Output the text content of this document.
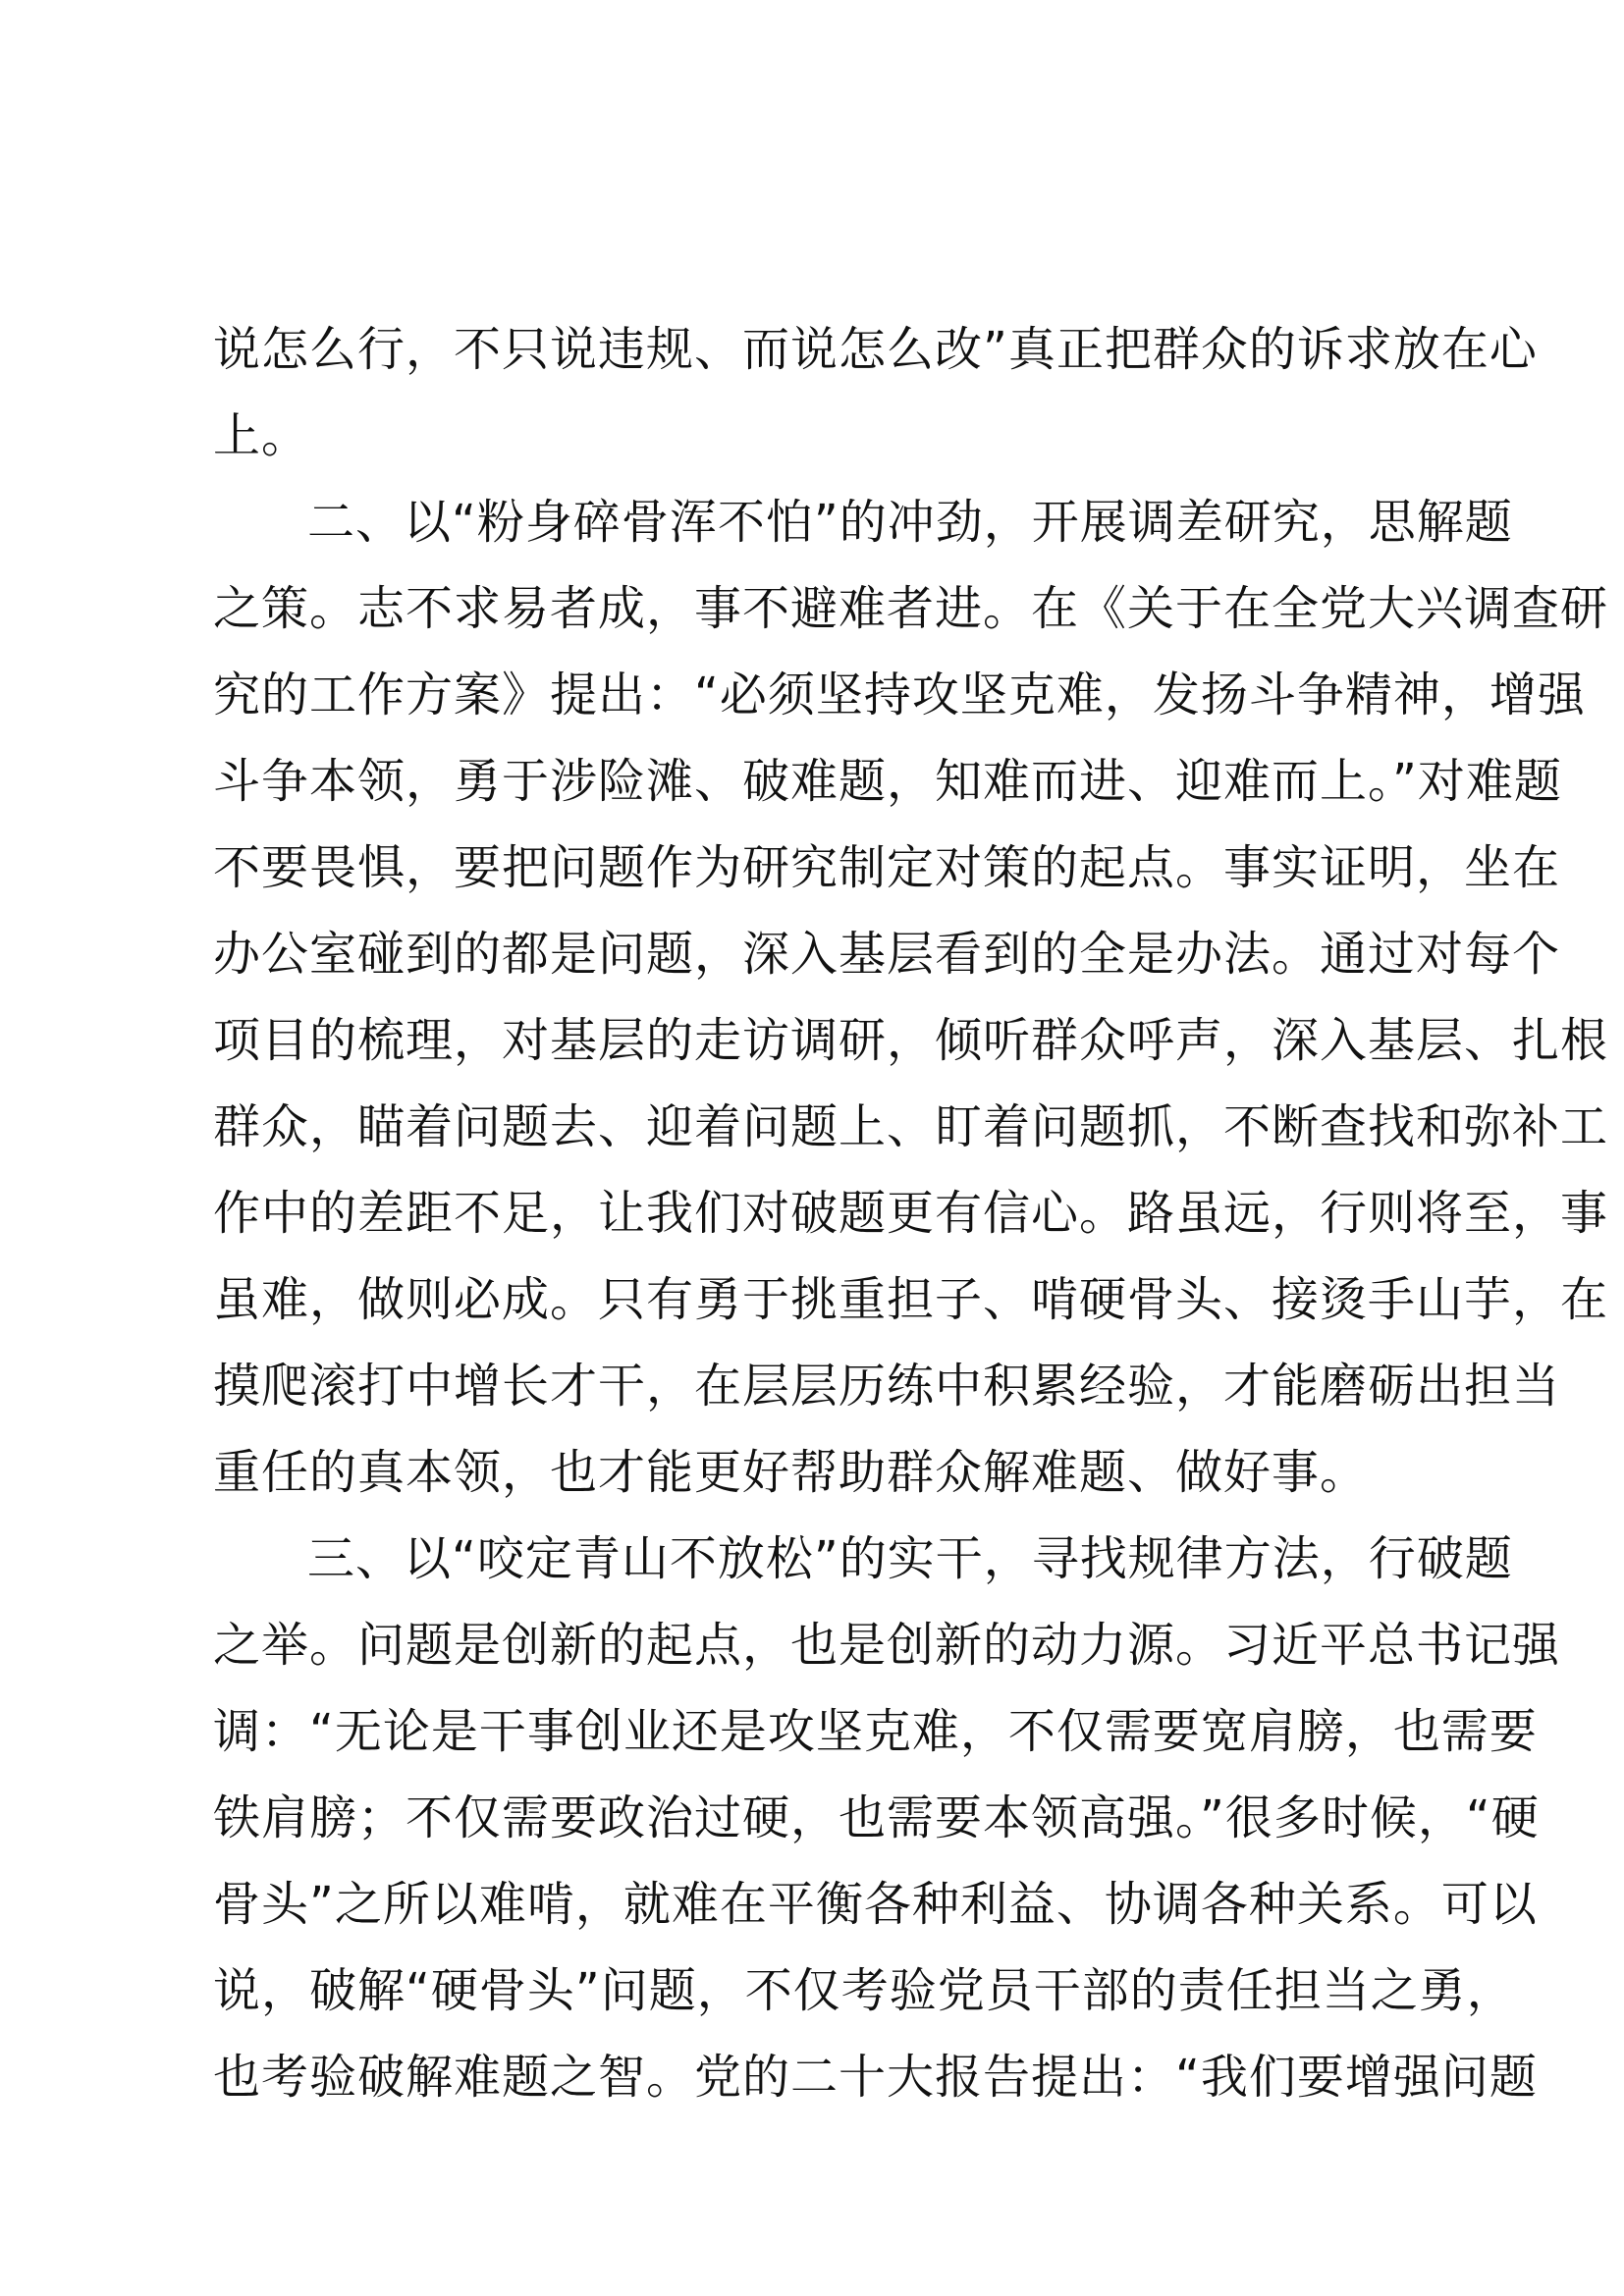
说怎么行，不只说违规、而说怎么改”真正把群众的诉求放在心
上。
二、以“粉身碎骨浑不怕”的冲劲，开展调差研究，思解题
之策。志不求易者成，事不避难者进。在《关于在全党大兴调查研
究的工作方案》提出：“必须坚持攻坚克难，发扬斗争精神，增强
斗争本领，勇于涉险滩、破难题，知难而进、迎难而上。”对难题
不要畏惧，要把问题作为研究制定对策的起点。事实证明，坐在
办公室碰到的都是问题，深入基层看到的全是办法。通过对每个
项目的梳理，对基层的走访调研，倾听群众呼声，深入基层、扎根
群众，瞄着问题去、迎着问题上、盯着问题抓，不断查找和弥补工
作中的差距不足，让我们对破题更有信心。路虽远，行则将至，事
虽难，做则必成。只有勇于挑重担子、啃硬骨头、接烫手山芋，在
摸爬滚打中增长才干，在层层历练中积累经验，才能磨砺出担当
重任的真本领，也才能更好帮助群众解难题、做好事。
三、以“咬定青山不放松”的实干，寻找规律方法，行破题
之举。问题是创新的起点，也是创新的动力源。习近平总书记强
调：“无论是干事创业还是攻坚克难，不仅需要宽肩膀，也需要
铁肩膀；不仅需要政治过硬，也需要本领高强。”很多时候，“硬
骨头”之所以难啃，就难在平衡各种利益、协调各种关系。可以
说，破解“硬骨头”问题，不仅考验党员干部的责任担当之勇，
也考验破解难题之智。党的二十大报告提出：“我们要增强问题
